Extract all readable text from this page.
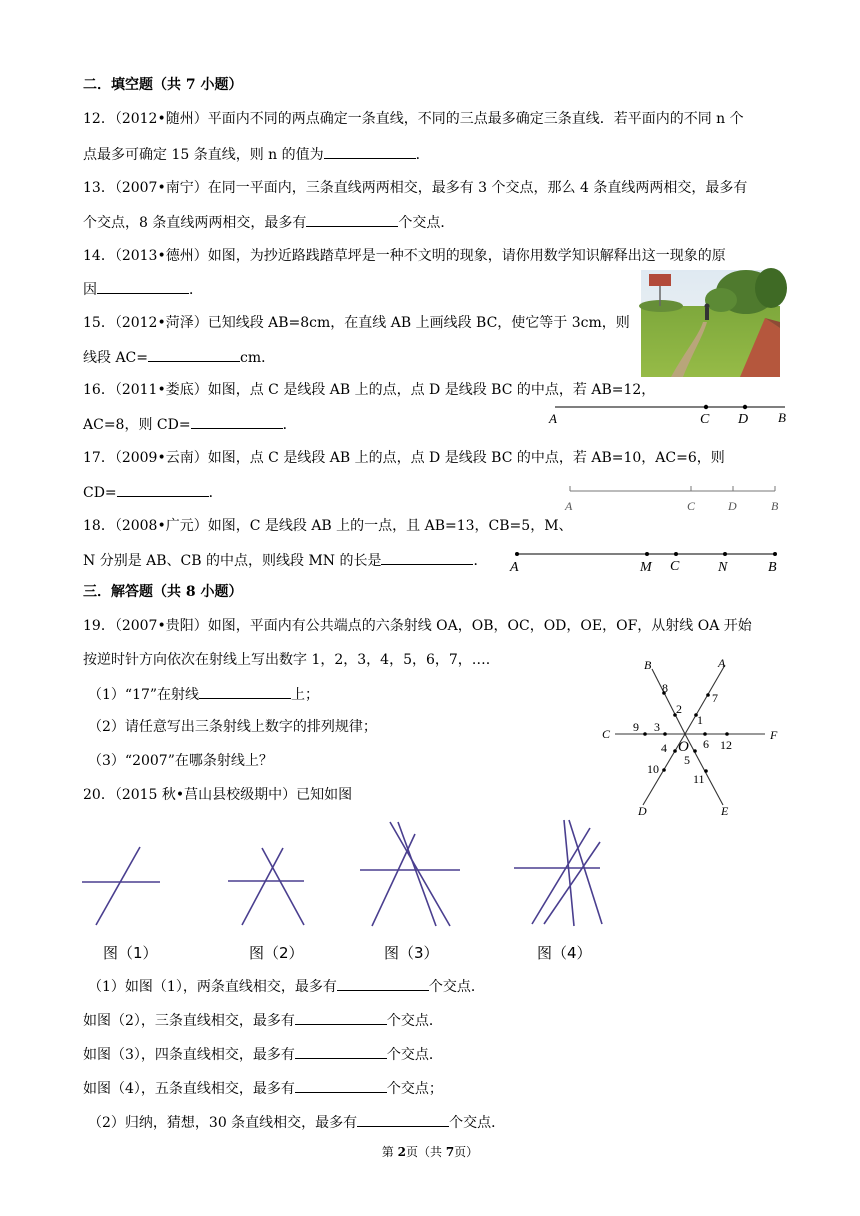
二．填空题（共 7 小题）
12．（2012•随州）平面内不同的两点确定一条直线，不同的三点最多确定三条直线．若平面内的不同 n 个
点最多可确定 15 条直线，则 n 的值为	．
13．（2007•南宁）在同一平面内，三条直线两两相交，最多有 3 个交点，那么 4 条直线两两相交，最多有
个交点，8 条直线两两相交，最多有	个交点．
14．（2013•德州）如图，为抄近路践踏草坪是一种不文明的现象，请你用数学知识解释出这一现象的原
因	．
15．（2012•菏泽）已知线段 AB=8cm，在直线 AB 上画线段 BC，使它等于 3cm，则
线段 AC=	cm．
16．（2011•娄底）如图，点 C 是线段 AB 上的点，点 D 是线段 BC 的中点，若 AB=12，
AC=8，则 CD=	．	A	C D B
17．（2009•云南）如图，点 C 是线段 AB 上的点，点 D 是线段 BC 的中点，若 AB=10，AC=6，则
CD=	．
A	C	D	B
18．（2008•广元）如图，C 是线段 AB 上的一点，且 AB=13，CB=5，M、
N 分别是 AB、CB 的中点，则线段 MN 的长是	． A	M C	N	B
三．解答题（共 8 小题）
19．（2007•贵阳）如图，平面内有公共端点的六条射线 OA，OB，OC，OD，OE，OF，从射线 OA 开始
按逆时针方向依次在射线上写出数字 1，2，3，4，5，6，7，….
（1）“17”在射线	上；
（2）请任意写出三条射线上数字的排列规律；
（3）“2007”在哪条射线上？
1
2
3
4
5
6
7
8
9
10
11
12
A
B
C
D	E
F
O
20．（2015 秋•莒山县校级期中）已知如图
图（1）	图（2）	图（3）	图（4）
（1）如图（1），两条直线相交，最多有	个交点．
如图（2），三条直线相交，最多有	个交点．
如图（3），四条直线相交，最多有	个交点．
如图（4），五条直线相交，最多有	个交点；
（2）归纳，猜想，30 条直线相交，最多有	个交点．
第 2页（共 7页）
